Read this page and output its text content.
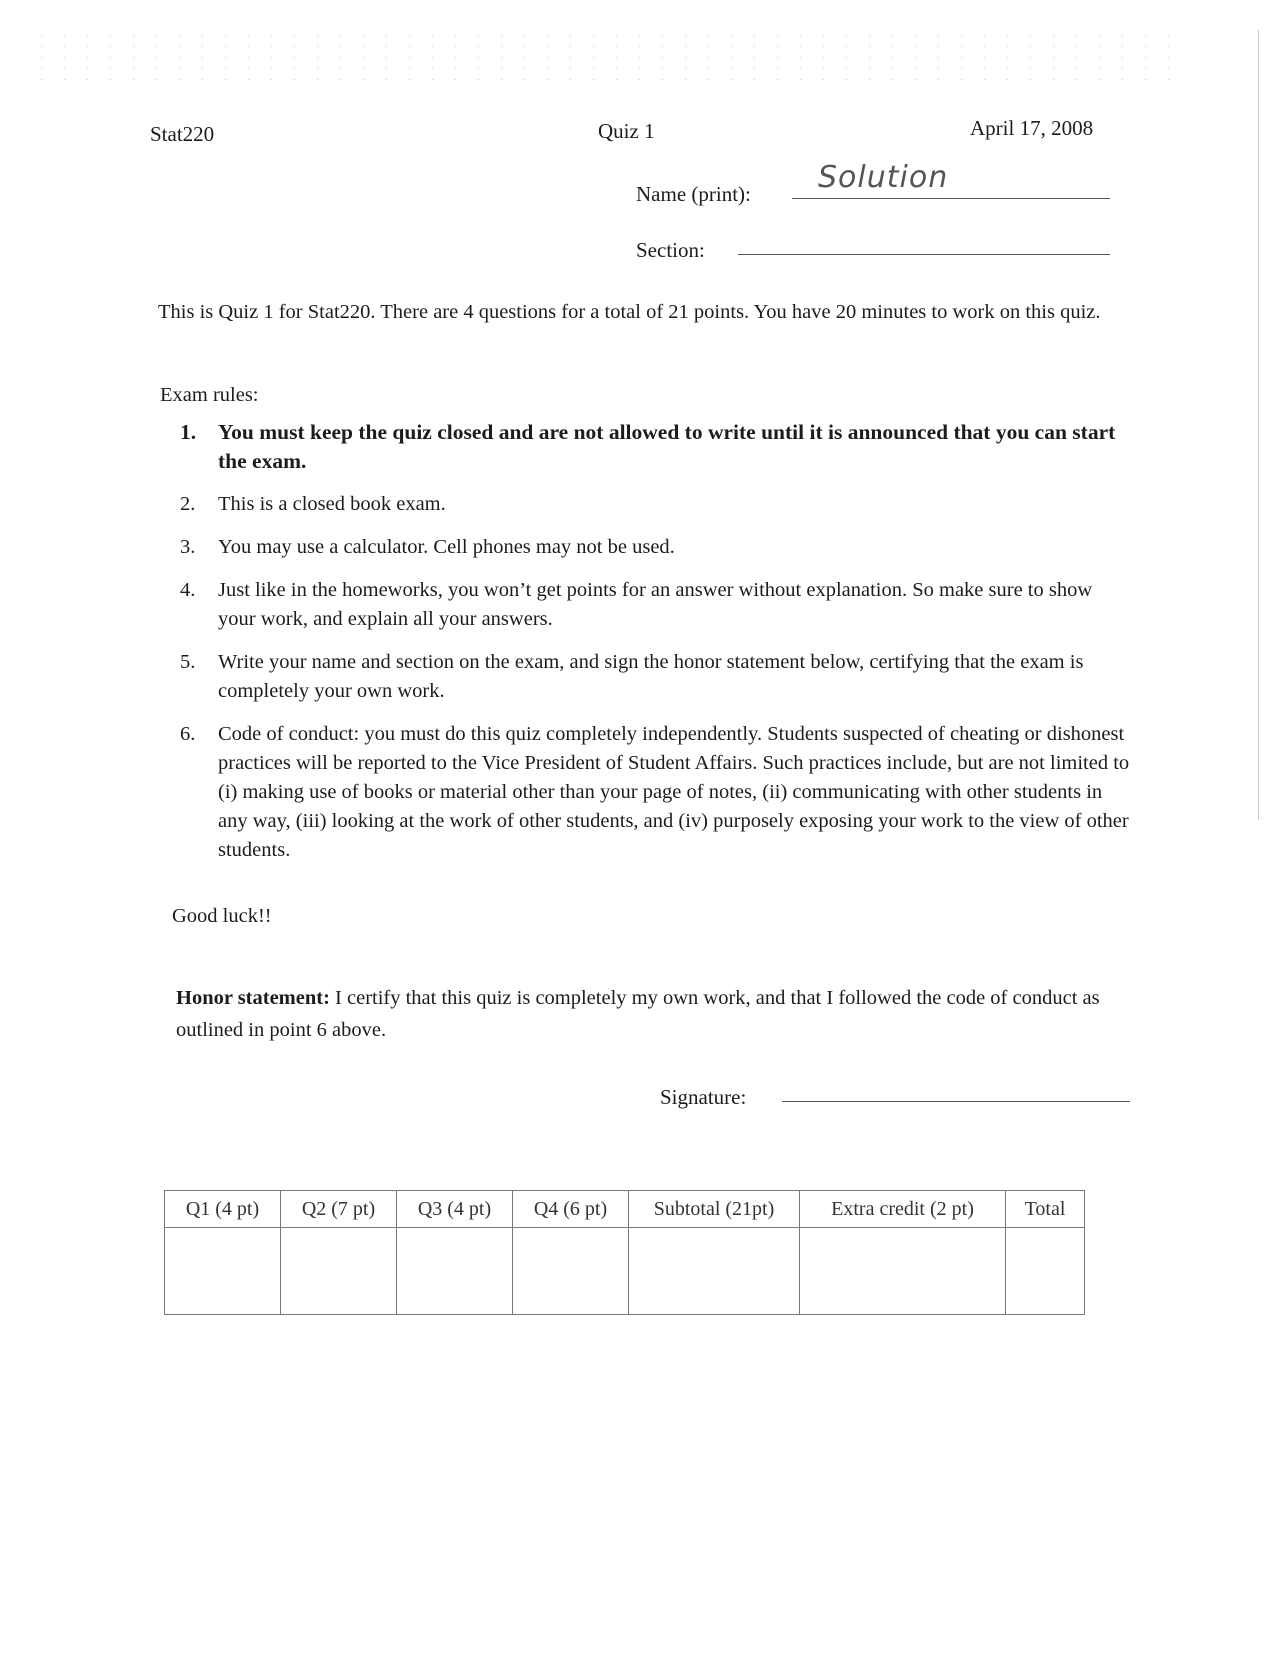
Stat220	Quiz 1	April 17, 2008
Name (print): Solution
Section:
This is Quiz 1 for Stat220. There are 4 questions for a total of 21 points. You have 20 minutes to work on this quiz.
Exam rules:
1. You must keep the quiz closed and are not allowed to write until it is announced that you can start the exam.
2. This is a closed book exam.
3. You may use a calculator. Cell phones may not be used.
4. Just like in the homeworks, you won’t get points for an answer without explanation. So make sure to show your work, and explain all your answers.
5. Write your name and section on the exam, and sign the honor statement below, certifying that the exam is completely your own work.
6. Code of conduct: you must do this quiz completely independently. Students suspected of cheating or dishonest practices will be reported to the Vice President of Student Affairs. Such practices include, but are not limited to (i) making use of books or material other than your page of notes, (ii) communicating with other students in any way, (iii) looking at the work of other students, and (iv) purposely exposing your work to the view of other students.
Good luck!!
Honor statement: I certify that this quiz is completely my own work, and that I followed the code of conduct as outlined in point 6 above.
Signature:
Q1 (4 pt)	Q2 (7 pt)	Q3 (4 pt)	Q4 (6 pt)	Subtotal (21pt)	Extra credit (2 pt)	Total
